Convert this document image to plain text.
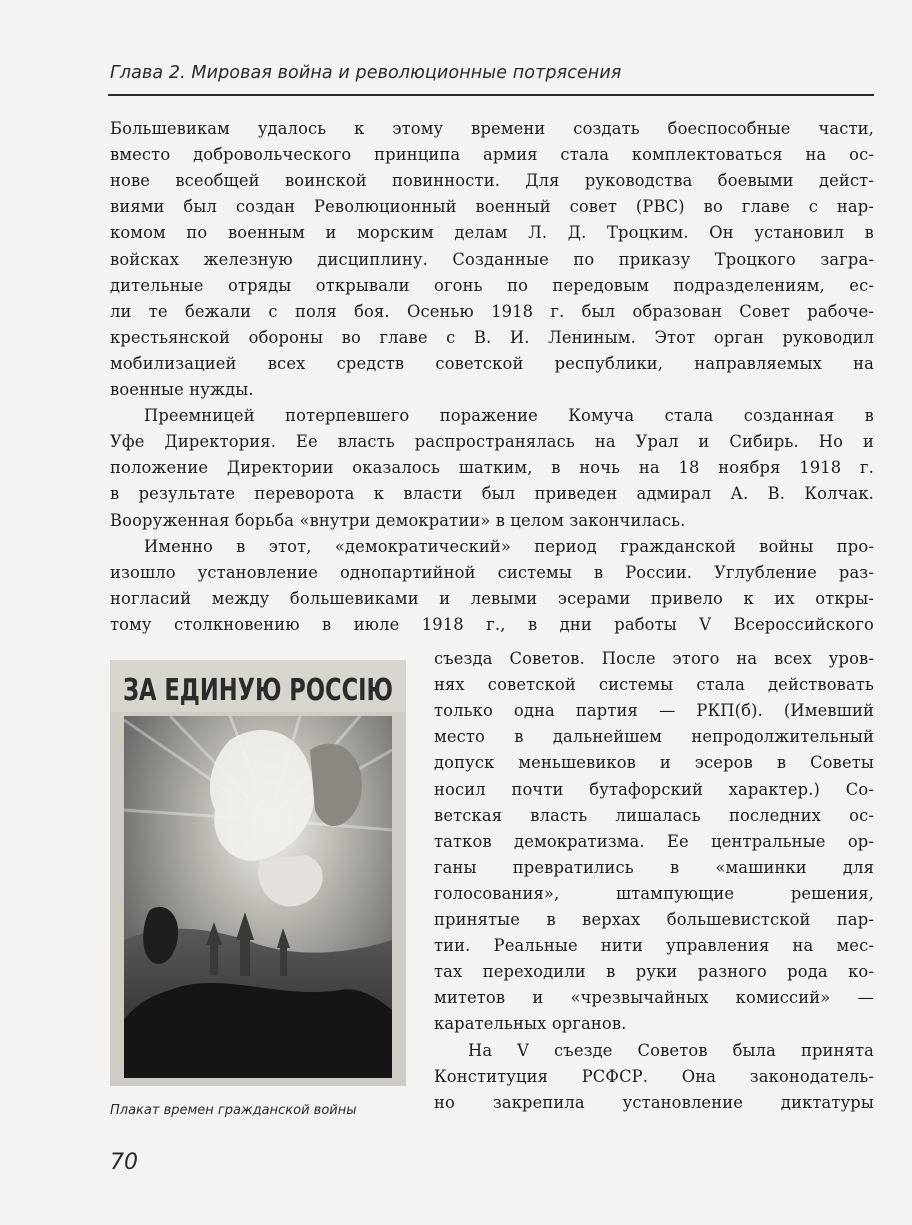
Глава 2. Мировая война и революционные потрясения
Большевикам удалось к этому времени создать боеспособные части,
вместо добровольческого принципа армия стала комплектоваться на ос-
нове всеобщей воинской повинности. Для руководства боевыми дейст-
виями был создан Революционный военный совет (РВС) во главе с нар-
комом по военным и морским делам Л. Д. Троцким. Он установил в
войсках железную дисциплину. Созданные по приказу Троцкого загра-
дительные отряды открывали огонь по передовым подразделениям, ес-
ли те бежали с поля боя. Осенью 1918 г. был образован Совет рабоче-
крестьянской обороны во главе с В. И. Лениным. Этот орган руководил
мобилизацией всех средств советской республики, направляемых на
военные нужды.
Преемницей потерпевшего поражение Комуча стала созданная в
Уфе Директория. Ее власть распространялась на Урал и Сибирь. Но и
положение Директории оказалось шатким, в ночь на 18 ноября 1918 г.
в результате переворота к власти был приведен адмирал А. В. Колчак.
Вооруженная борьба «внутри демократии» в целом закончилась.
Именно в этот, «демократический» период гражданской войны про-
изошло установление однопартийной системы в России. Углубление раз-
ногласий между большевиками и левыми эсерами привело к их откры-
тому столкновению в июле 1918 г., в дни работы V Всероссийского
съезда Советов. После этого на всех уров-
нях советской системы стала действовать
только одна партия — РКП(б). (Имевший
место в дальнейшем непродолжительный
допуск меньшевиков и эсеров в Советы
носил почти бутафорский характер.) Со-
ветская власть лишалась последних ос-
татков демократизма. Ее центральные ор-
ганы превратились в «машинки для
голосования», штампующие решения,
принятые в верхах большевистской пар-
тии. Реальные нити управления на мес-
тах переходили в руки разного рода ко-
митетов и «чрезвычайных комиссий» —
карательных органов.
На V съезде Советов была принята
Конституция РСФСР. Она законодатель-
но закрепила установление диктатуры
ЗА ЕДИНУЮ РОССІЮ
Плакат времен гражданской войны
70
